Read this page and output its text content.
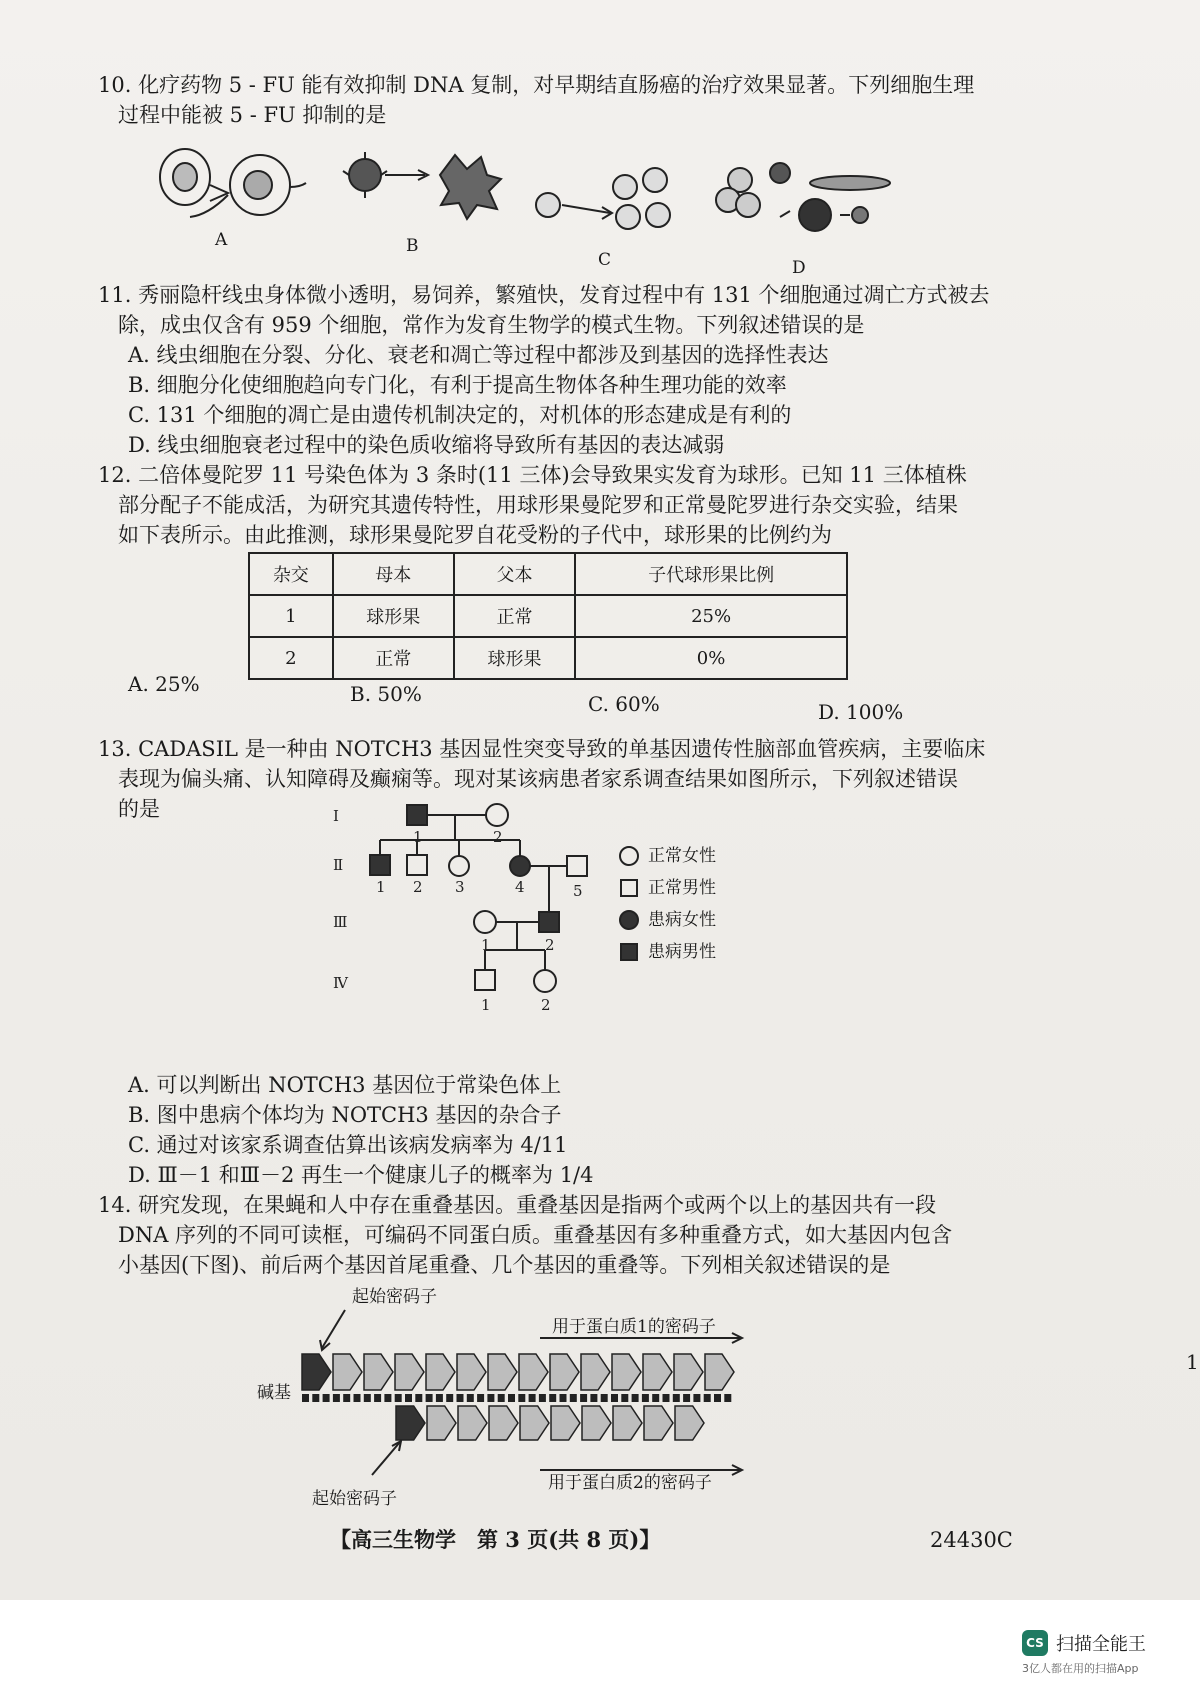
10. 化疗药物 5 - FU 能有效抑制 DNA 复制，对早期结直肠癌的治疗效果显著。下列细胞生理

过程中能被 5 - FU 抑制的是

A	B
C	D

11. 秀丽隐杆线虫身体微小透明，易饲养，繁殖快，发育过程中有 131 个细胞通过凋亡方式被去

除，成虫仅含有 959 个细胞，常作为发育生物学的模式生物。下列叙述错误的是

A. 线虫细胞在分裂、分化、衰老和凋亡等过程中都涉及到基因的选择性表达

B. 细胞分化使细胞趋向专门化，有利于提高生物体各种生理功能的效率

C. 131 个细胞的凋亡是由遗传机制决定的，对机体的形态建成是有利的

D. 线虫细胞衰老过程中的染色质收缩将导致所有基因的表达减弱

12. 二倍体曼陀罗 11 号染色体为 3 条时(11 三体)会导致果实发育为球形。已知 11 三体植株

部分配子不能成活，为研究其遗传特性，用球形果曼陀罗和正常曼陀罗进行杂交实验，结果

如下表所示。由此推测，球形果曼陀罗自花受粉的子代中，球形果的比例约为

杂交	母本	父本	子代球形果比例
1	球形果	正常	25%
2	正常	球形果	0%
A. 25%	B. 50%	C. 60%	D. 100%

13. CADASIL 是一种由 NOTCH3 基因显性突变导致的单基因遗传性脑部血管疾病，主要临床

表现为偏头痛、认知障碍及癫痫等。现对某该病患者家系调查结果如图所示，下列叙述错误

的是	Ⅰ
Ⅱ
Ⅲ
Ⅳ
1	2
1 2 3	4	5
1	2
1	2
正常女性
正常男性
患病女性
患病男性

A. 可以判断出 NOTCH3 基因位于常染色体上

B. 图中患病个体均为 NOTCH3 基因的杂合子

C. 通过对该家系调查估算出该病发病率为 4/11

D. Ⅲ－1 和Ⅲ－2 再生一个健康儿子的概率为 1/4

14. 研究发现，在果蝇和人中存在重叠基因。重叠基因是指两个或两个以上的基因共有一段

DNA 序列的不同可读框，可编码不同蛋白质。重叠基因有多种重叠方式，如大基因内包含

小基因(下图)、前后两个基因首尾重叠、几个基因的重叠等。下列相关叙述错误的是

起始密码子
用于蛋白质1的密码子
碱基
用于蛋白质2的密码子
起始密码子
【高三生物学　第 3 页(共 8 页)】	24430C
1
CS 扫描全能王
3亿人都在用的扫描App
